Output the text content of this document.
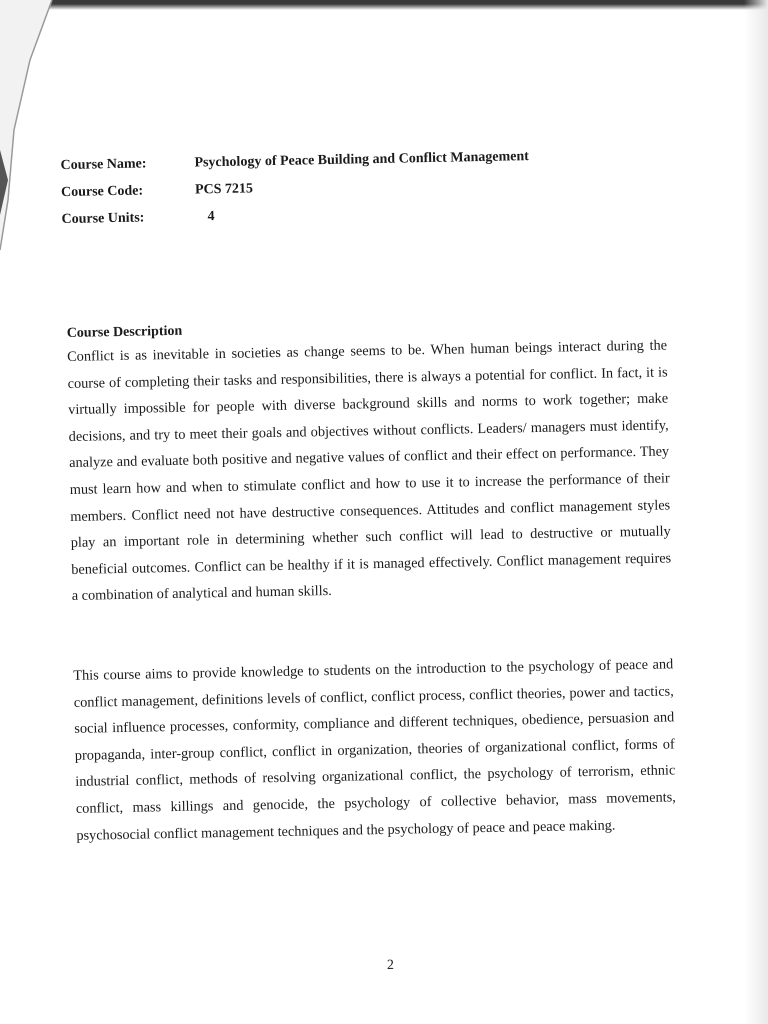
Course Name:	Psychology of Peace Building and Conflict Management
Course Code:	PCS 7215
Course Units:	4
Course Description

Conflict is as inevitable in societies as change seems to be. When human beings interact during the course of completing their tasks and responsibilities, there is always a potential for conflict. In fact, it is virtually impossible for people with diverse background skills and norms to work together; make decisions, and try to meet their goals and objectives without conflicts. Leaders/ managers must identify, analyze and evaluate both positive and negative values of conflict and their effect on performance. They must learn how and when to stimulate conflict and how to use it to increase the performance of their members. Conflict need not have destructive consequences. Attitudes and conflict management styles play an important role in determining whether such conflict will lead to destructive or mutually beneficial outcomes. Conflict can be healthy if it is managed effectively. Conflict management requires a combination of analytical and human skills.

This course aims to provide knowledge to students on the introduction to the psychology of peace and conflict management, definitions levels of conflict, conflict process, conflict theories, power and tactics, social influence processes, conformity, compliance and different techniques, obedience, persuasion and propaganda, inter-group conflict, conflict in organization, theories of organizational conflict, forms of industrial conflict, methods of resolving organizational conflict, the psychology of terrorism, ethnic conflict, mass killings and genocide, the psychology of collective behavior, mass movements, psychosocial conflict management techniques and the psychology of peace and peace making.

2
